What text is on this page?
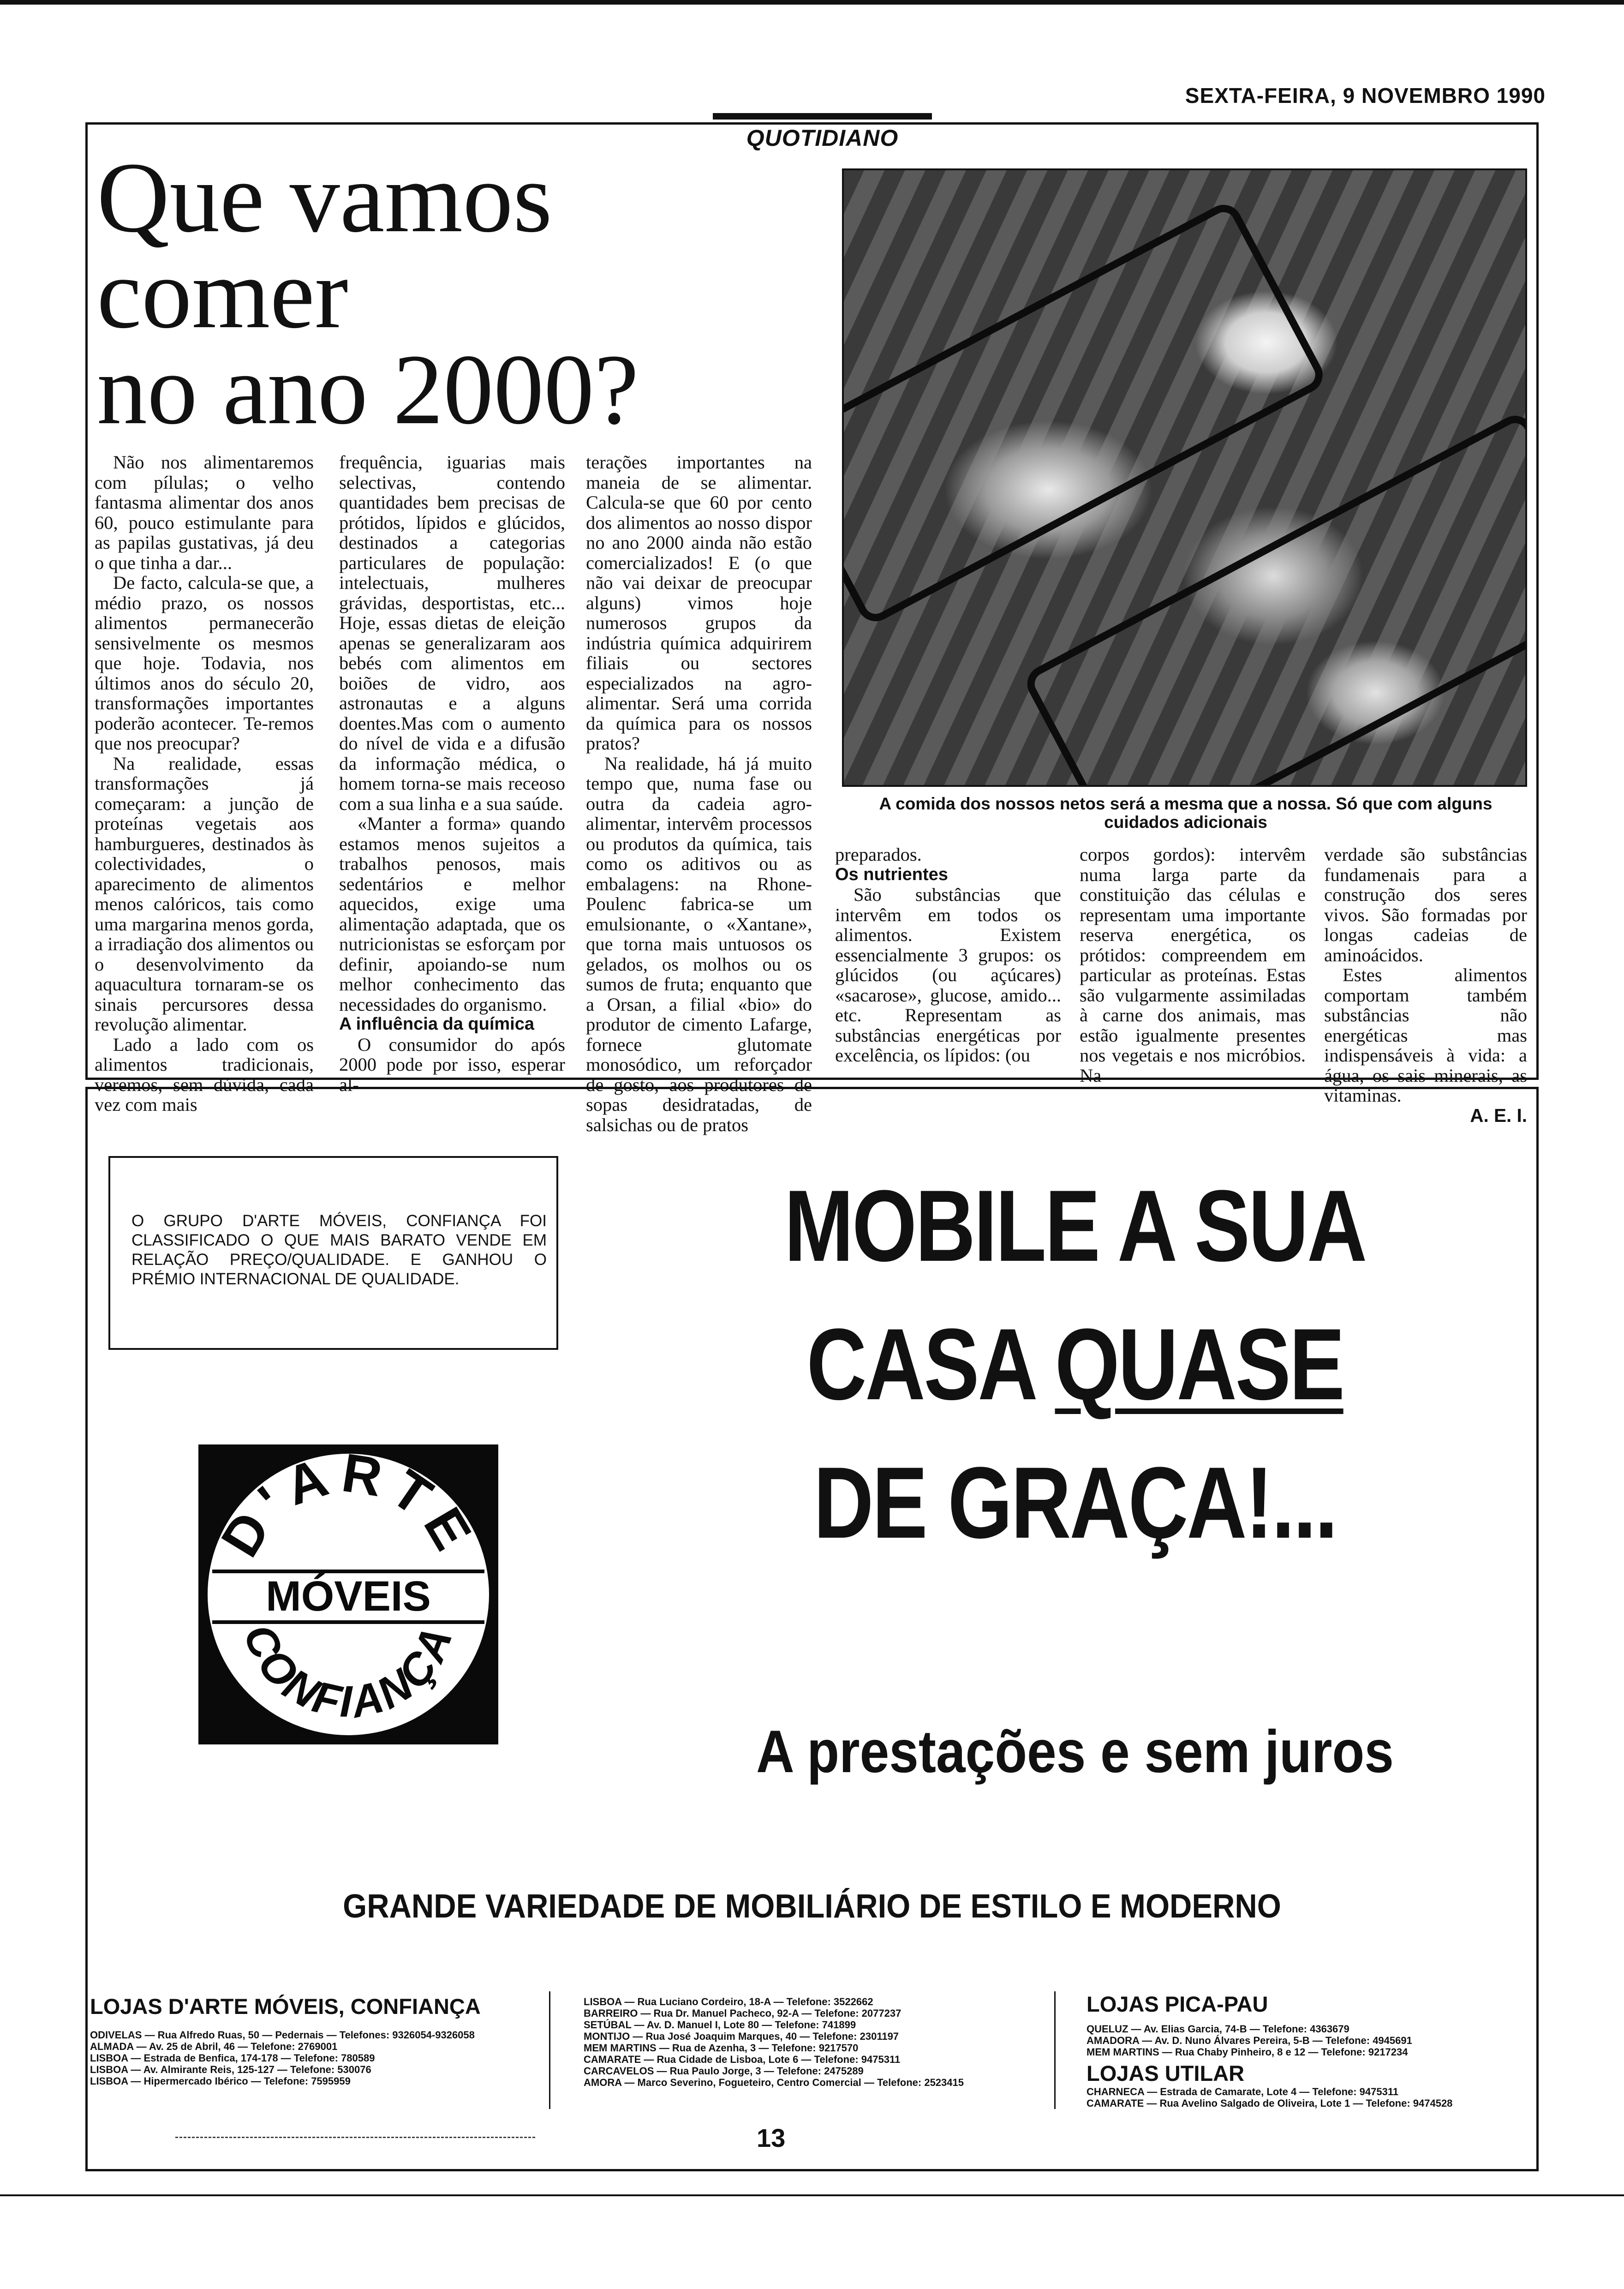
SEXTA-FEIRA, 9 NOVEMBRO 1990
QUOTIDIANO
Que vamos
comer
no ano 2000?

Não nos alimentaremos com pílulas; o velho fantasma alimentar dos anos 60, pouco estimulante para as papilas gustativas, já deu o que tinha a dar...

De facto, calcula-se que, a médio prazo, os nossos alimentos permanecerão sensivelmente os mesmos que hoje. Todavia, nos últimos anos do século 20, transformações importantes poderão acontecer. Te-remos que nos preocupar?

Na realidade, essas transformações já começaram: a junção de proteínas vegetais aos hamburgueres, destinados às colectividades, o aparecimento de alimentos menos calóricos, tais como uma margarina menos gorda, a irradiação dos alimentos ou o desenvolvimento da aquacultura tornaram-se os sinais percursores dessa revolução alimentar.

Lado a lado com os alimentos tradicionais, veremos, sem dúvida, cada vez com mais

frequência, iguarias mais selectivas, contendo quantidades bem precisas de prótidos, lípidos e glúcidos, destinados a categorias particulares de população: intelectuais, mulheres grávidas, desportistas, etc... Hoje, essas dietas de eleição apenas se generalizaram aos bebés com alimentos em boiões de vidro, aos astronautas e a alguns doentes.Mas com o aumento do nível de vida e a difusão da informação médica, o homem torna-se mais receoso com a sua linha e a sua saúde.

«Manter a forma» quando estamos menos sujeitos a trabalhos penosos, mais sedentários e melhor aquecidos, exige uma alimentação adaptada, que os nutricionistas se esforçam por definir, apoiando-se num melhor conhecimento das necessidades do organismo.

A influência da química

O consumidor do após 2000 pode por isso, esperar al-

terações importantes na maneia de se alimentar. Calcula-se que 60 por cento dos alimentos ao nosso dispor no ano 2000 ainda não estão comercializados! E (o que não vai deixar de preocupar alguns) vimos hoje numerosos grupos da indústria química adquirirem filiais ou sectores especializados na agro-alimentar. Será uma corrida da química para os nossos pratos?

Na realidade, há já muito tempo que, numa fase ou outra da cadeia agro-alimentar, intervêm processos ou produtos da química, tais como os aditivos ou as embalagens: na Rhone-Poulenc fabrica-se um emulsionante, o «Xantane», que torna mais untuosos os gelados, os molhos ou os sumos de fruta; enquanto que a Orsan, a filial «bio» do produtor de cimento Lafarge, fornece glutomate monosódico, um reforçador de gosto, aos produtores de sopas desidratadas, de salsichas ou de pratos

A comida dos nossos netos será a mesma que a nossa. Só que com alguns cuidados adicionais

preparados.

Os nutrientes

São substâncias que intervêm em todos os alimentos. Existem essencialmente 3 grupos: os glúcidos (ou açúcares) «sacarose», glucose, amido... etc. Representam as substâncias energéticas por excelência, os lípidos: (ou

corpos gordos): intervêm numa larga parte da constituição das células e representam uma importante reserva energética, os prótidos: compreendem em particular as proteínas. Estas são vulgarmente assimiladas à carne dos animais, mas estão igualmente presentes nos vegetais e nos micróbios. Na

verdade são substâncias fundamenais para a construção dos seres vivos. São formadas por longas cadeias de aminoácidos.

Estes alimentos comportam também substâncias não energéticas mas indispensáveis à vida: a água, os sais minerais, as vitaminas.

A. E. I.

O GRUPO D'ARTE MÓVEIS, CONFIANÇA FOI CLASSIFICADO O QUE MAIS BARATO VENDE EM RELAÇÃO PREÇO/QUALIDADE. E GANHOU O PRÉMIO INTERNACIONAL DE QUALIDADE.	MOBILE A SUA
CASA QUASE
DE GRAÇA!...
D'ARTE
MÓVEIS
CONFIANÇA
A prestações e sem juros
GRANDE VARIEDADE DE MOBILIÁRIO DE ESTILO E MODERNO
LOJAS D'ARTE MÓVEIS, CONFIANÇA
ODIVELAS — Rua Alfredo Ruas, 50 — Pedernais — Telefones: 9326054-9326058
ALMADA — Av. 25 de Abril, 46 — Telefone: 2769001
LISBOA — Estrada de Benfica, 174-178 — Telefone: 780589
LISBOA — Av. Almirante Reis, 125-127 — Telefone: 530076
LISBOA — Hipermercado Ibérico — Telefone: 7595959
LISBOA — Rua Luciano Cordeiro, 18-A — Telefone: 3522662
BARREIRO — Rua Dr. Manuel Pacheco, 92-A — Telefone: 2077237
SETÚBAL — Av. D. Manuel I, Lote 80 — Telefone: 741899
MONTIJO — Rua José Joaquim Marques, 40 — Telefone: 2301197
MEM MARTINS — Rua de Azenha, 3 — Telefone: 9217570
CAMARATE — Rua Cidade de Lisboa, Lote 6 — Telefone: 9475311
CARCAVELOS — Rua Paulo Jorge, 3 — Telefone: 2475289
AMORA — Marco Severino, Fogueteiro, Centro Comercial — Telefone: 2523415
LOJAS PICA-PAU
QUELUZ — Av. Elias Garcia, 74-B — Telefone: 4363679
AMADORA — Av. D. Nuno Álvares Pereira, 5-B — Telefone: 4945691
MEM MARTINS — Rua Chaby Pinheiro, 8 e 12 — Telefone: 9217234
LOJAS UTILAR
CHARNECA — Estrada de Camarate, Lote 4 — Telefone: 9475311
CAMARATE — Rua Avelino Salgado de Oliveira, Lote 1 — Telefone: 9474528
13
